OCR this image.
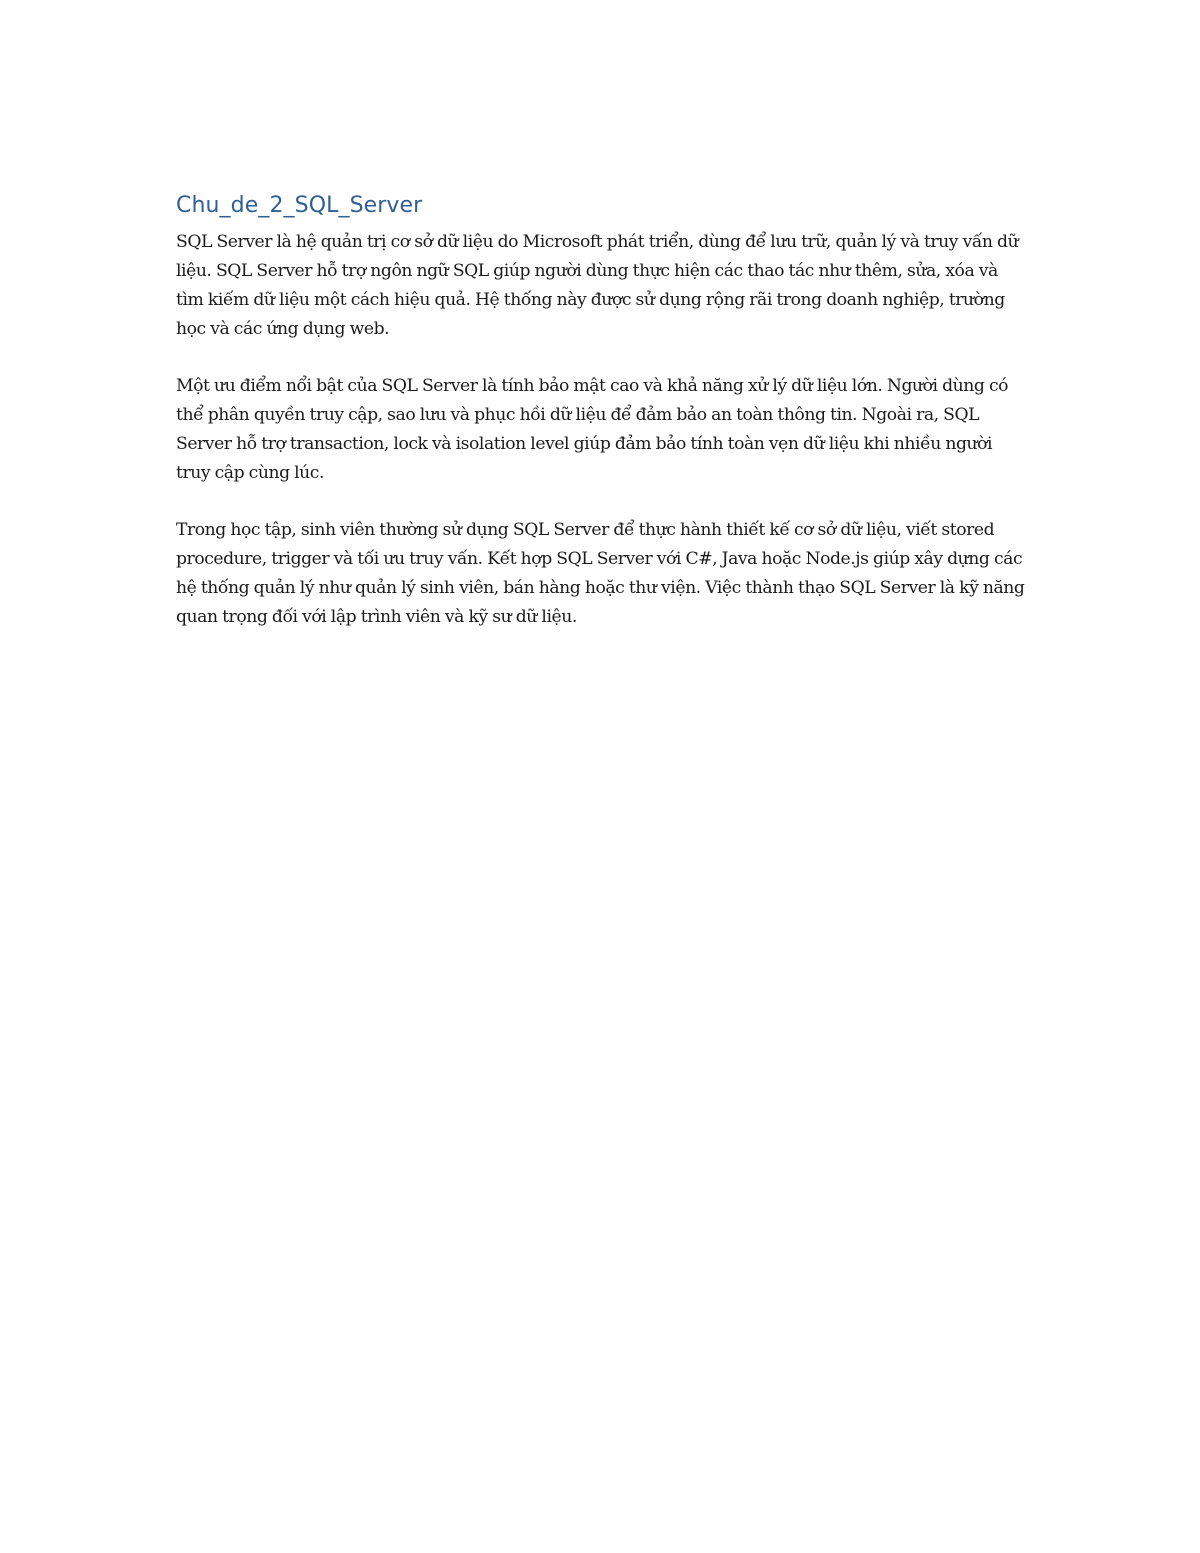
Chu_de_2_SQL_Server

SQL Server là hệ quản trị cơ sở dữ liệu do Microsoft phát triển, dùng để lưu trữ, quản lý và truy vấn dữ liệu. SQL Server hỗ trợ ngôn ngữ SQL giúp người dùng thực hiện các thao tác như thêm, sửa, xóa và tìm kiếm dữ liệu một cách hiệu quả. Hệ thống này được sử dụng rộng rãi trong doanh nghiệp, trường học và các ứng dụng web.

Một ưu điểm nổi bật của SQL Server là tính bảo mật cao và khả năng xử lý dữ liệu lớn. Người dùng có thể phân quyền truy cập, sao lưu và phục hồi dữ liệu để đảm bảo an toàn thông tin. Ngoài ra, SQL Server hỗ trợ transaction, lock và isolation level giúp đảm bảo tính toàn vẹn dữ liệu khi nhiều người truy cập cùng lúc.

Trong học tập, sinh viên thường sử dụng SQL Server để thực hành thiết kế cơ sở dữ liệu, viết stored procedure, trigger và tối ưu truy vấn. Kết hợp SQL Server với C#, Java hoặc Node.js giúp xây dựng các hệ thống quản lý như quản lý sinh viên, bán hàng hoặc thư viện. Việc thành thạo SQL Server là kỹ năng quan trọng đối với lập trình viên và kỹ sư dữ liệu.
